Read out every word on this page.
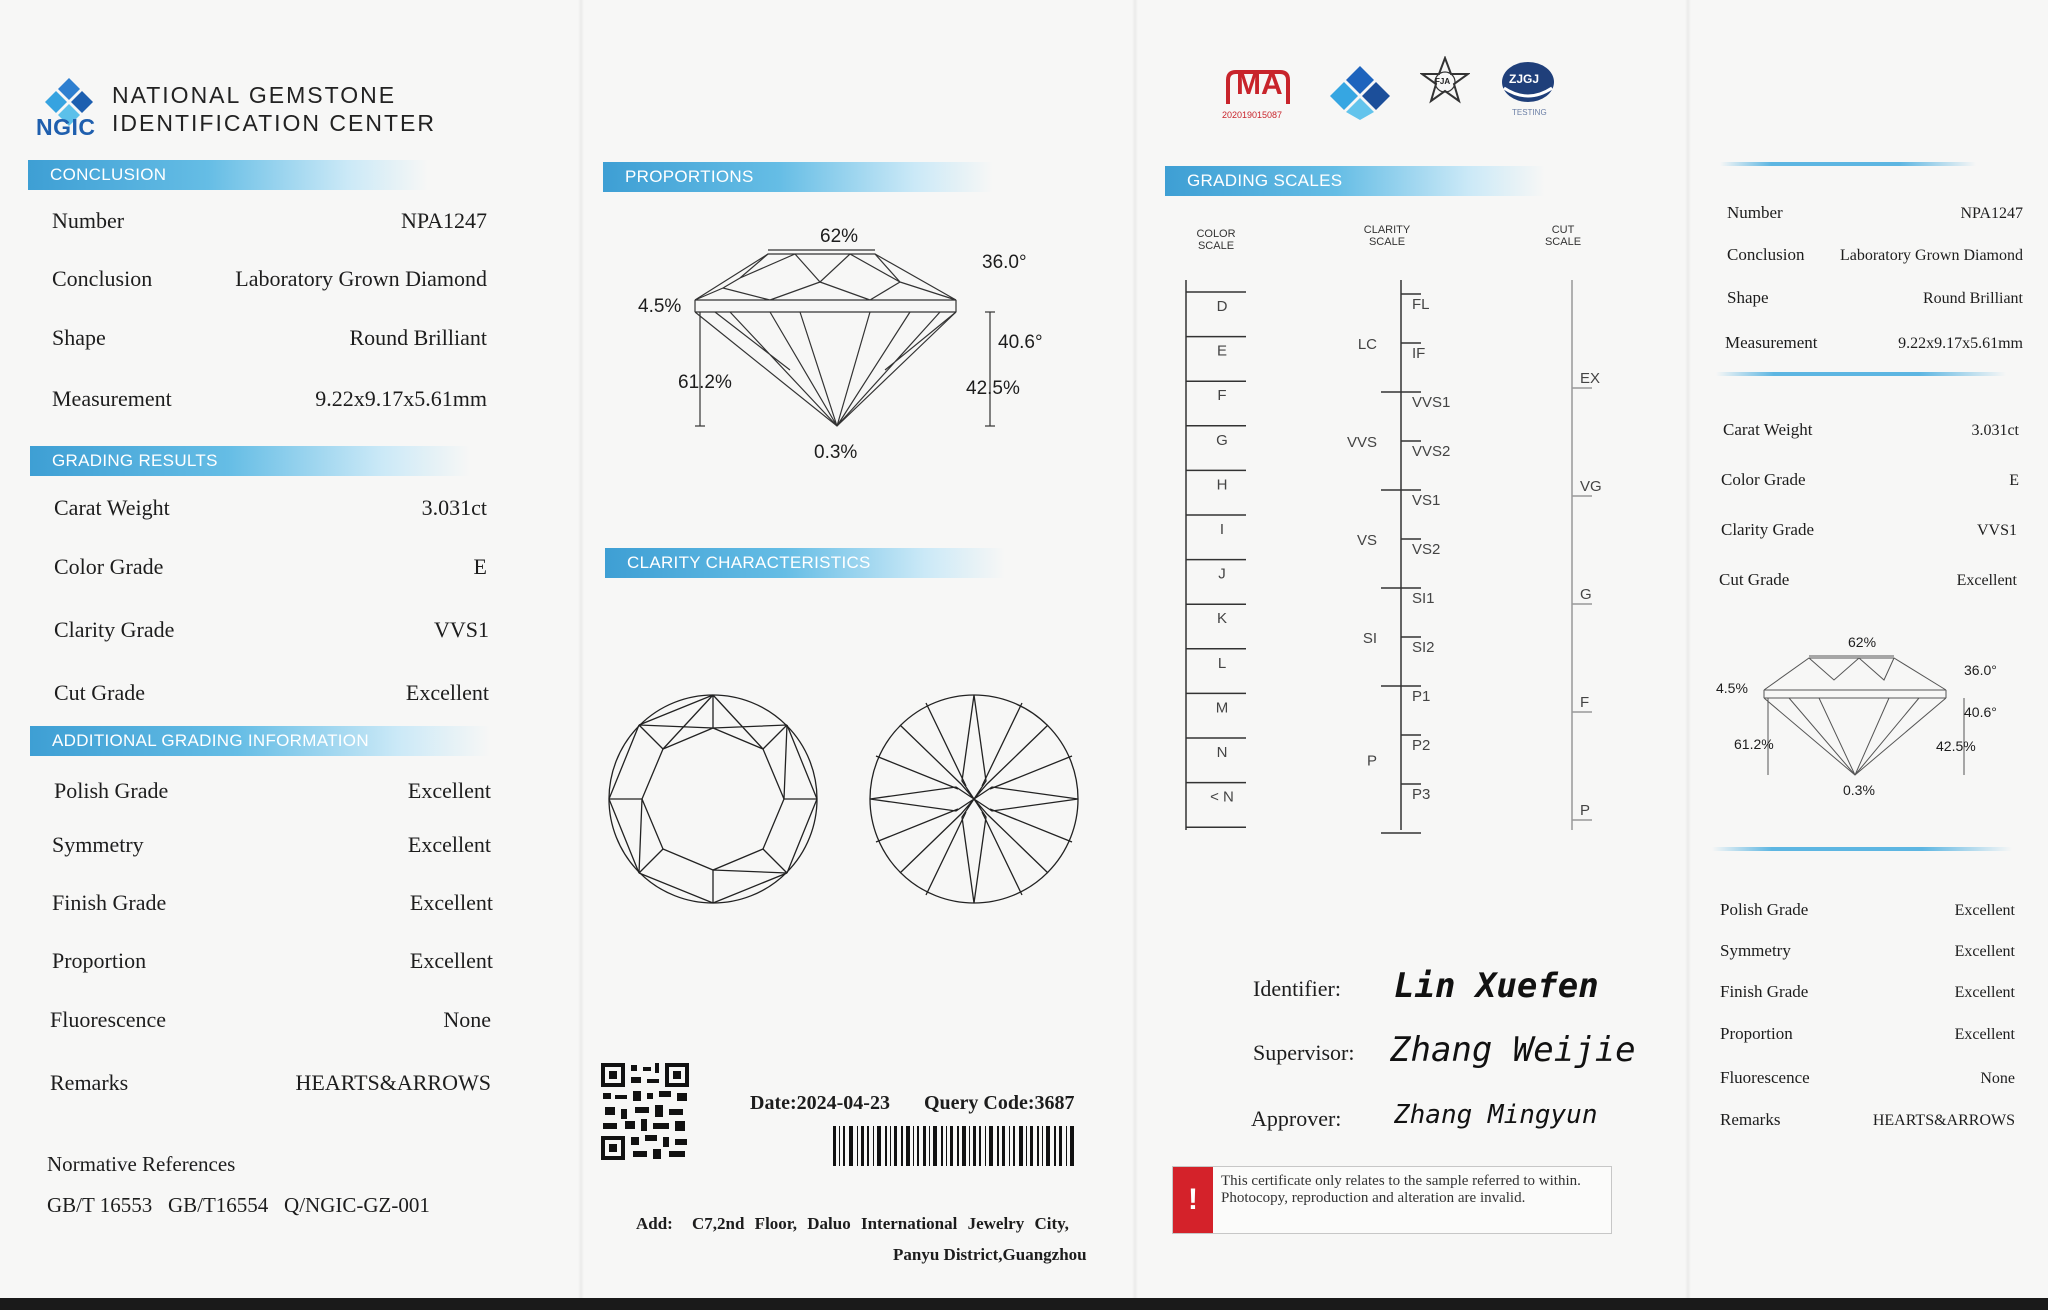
NGIC
NATIONAL GEMSTONE
IDENTIFICATION CENTER
CONCLUSION
Number	NPA1247
Conclusion	Laboratory Grown Diamond
Shape	Round Brilliant
Measurement	9.22x9.17x5.61mm
GRADING RESULTS
Carat Weight	3.031ct
Color Grade	E
Clarity Grade	VVS1
Cut Grade	Excellent
ADDITIONAL GRADING INFORMATION
Polish Grade	Excellent
Symmetry	Excellent
Finish Grade	Excellent
Proportion	Excellent
Fluorescence	None
Remarks	HEARTS&ARROWS
Normative References
GB/T 16553   GB/T16554   Q/NGIC-GZ-001
PROPORTIONS
62%
36.0°
4.5%
40.6°
61.2%	42.5%
0.3%
CLARITY CHARACTERISTICS
Date:2024-04-23 Query Code:3687
Add: C7,2nd Floor, Daluo International Jewelry City,
Panyu District,Guangzhou
MA
202019015087
FJA	ZJGJ
TESTING
GRADING SCALES
COLOR
SCALE
CLARITY
SCALE
CUT
SCALE
D
E
F
G
H
I
J
K
L
M
N
< N
FL
IF
VVS1
VVS2
VS1
VS2
SI1
SI2
P1
P2
P3
LC
VVS
VS
SI
P
EX
VG
G
F
P
Identifier: Lin Xuefen
Supervisor: Zhang Weijie
Approver: Zhang Mingyun
!
This certificate only relates to the sample referred to within. Photocopy, reproduction and alteration are invalid.
Number	NPA1247
Conclusion Laboratory Grown Diamond
Shape	Round Brilliant
Measurement	9.22x9.17x5.61mm
Carat Weight	3.031ct
Color Grade	E
Clarity Grade	VVS1
Cut Grade	Excellent
62%
36.0°
4.5%
40.6°
61.2%	42.5%
0.3%
Polish Grade	Excellent
Symmetry	Excellent
Finish Grade	Excellent
Proportion	Excellent
Fluorescence	None
Remarks	HEARTS&ARROWS
